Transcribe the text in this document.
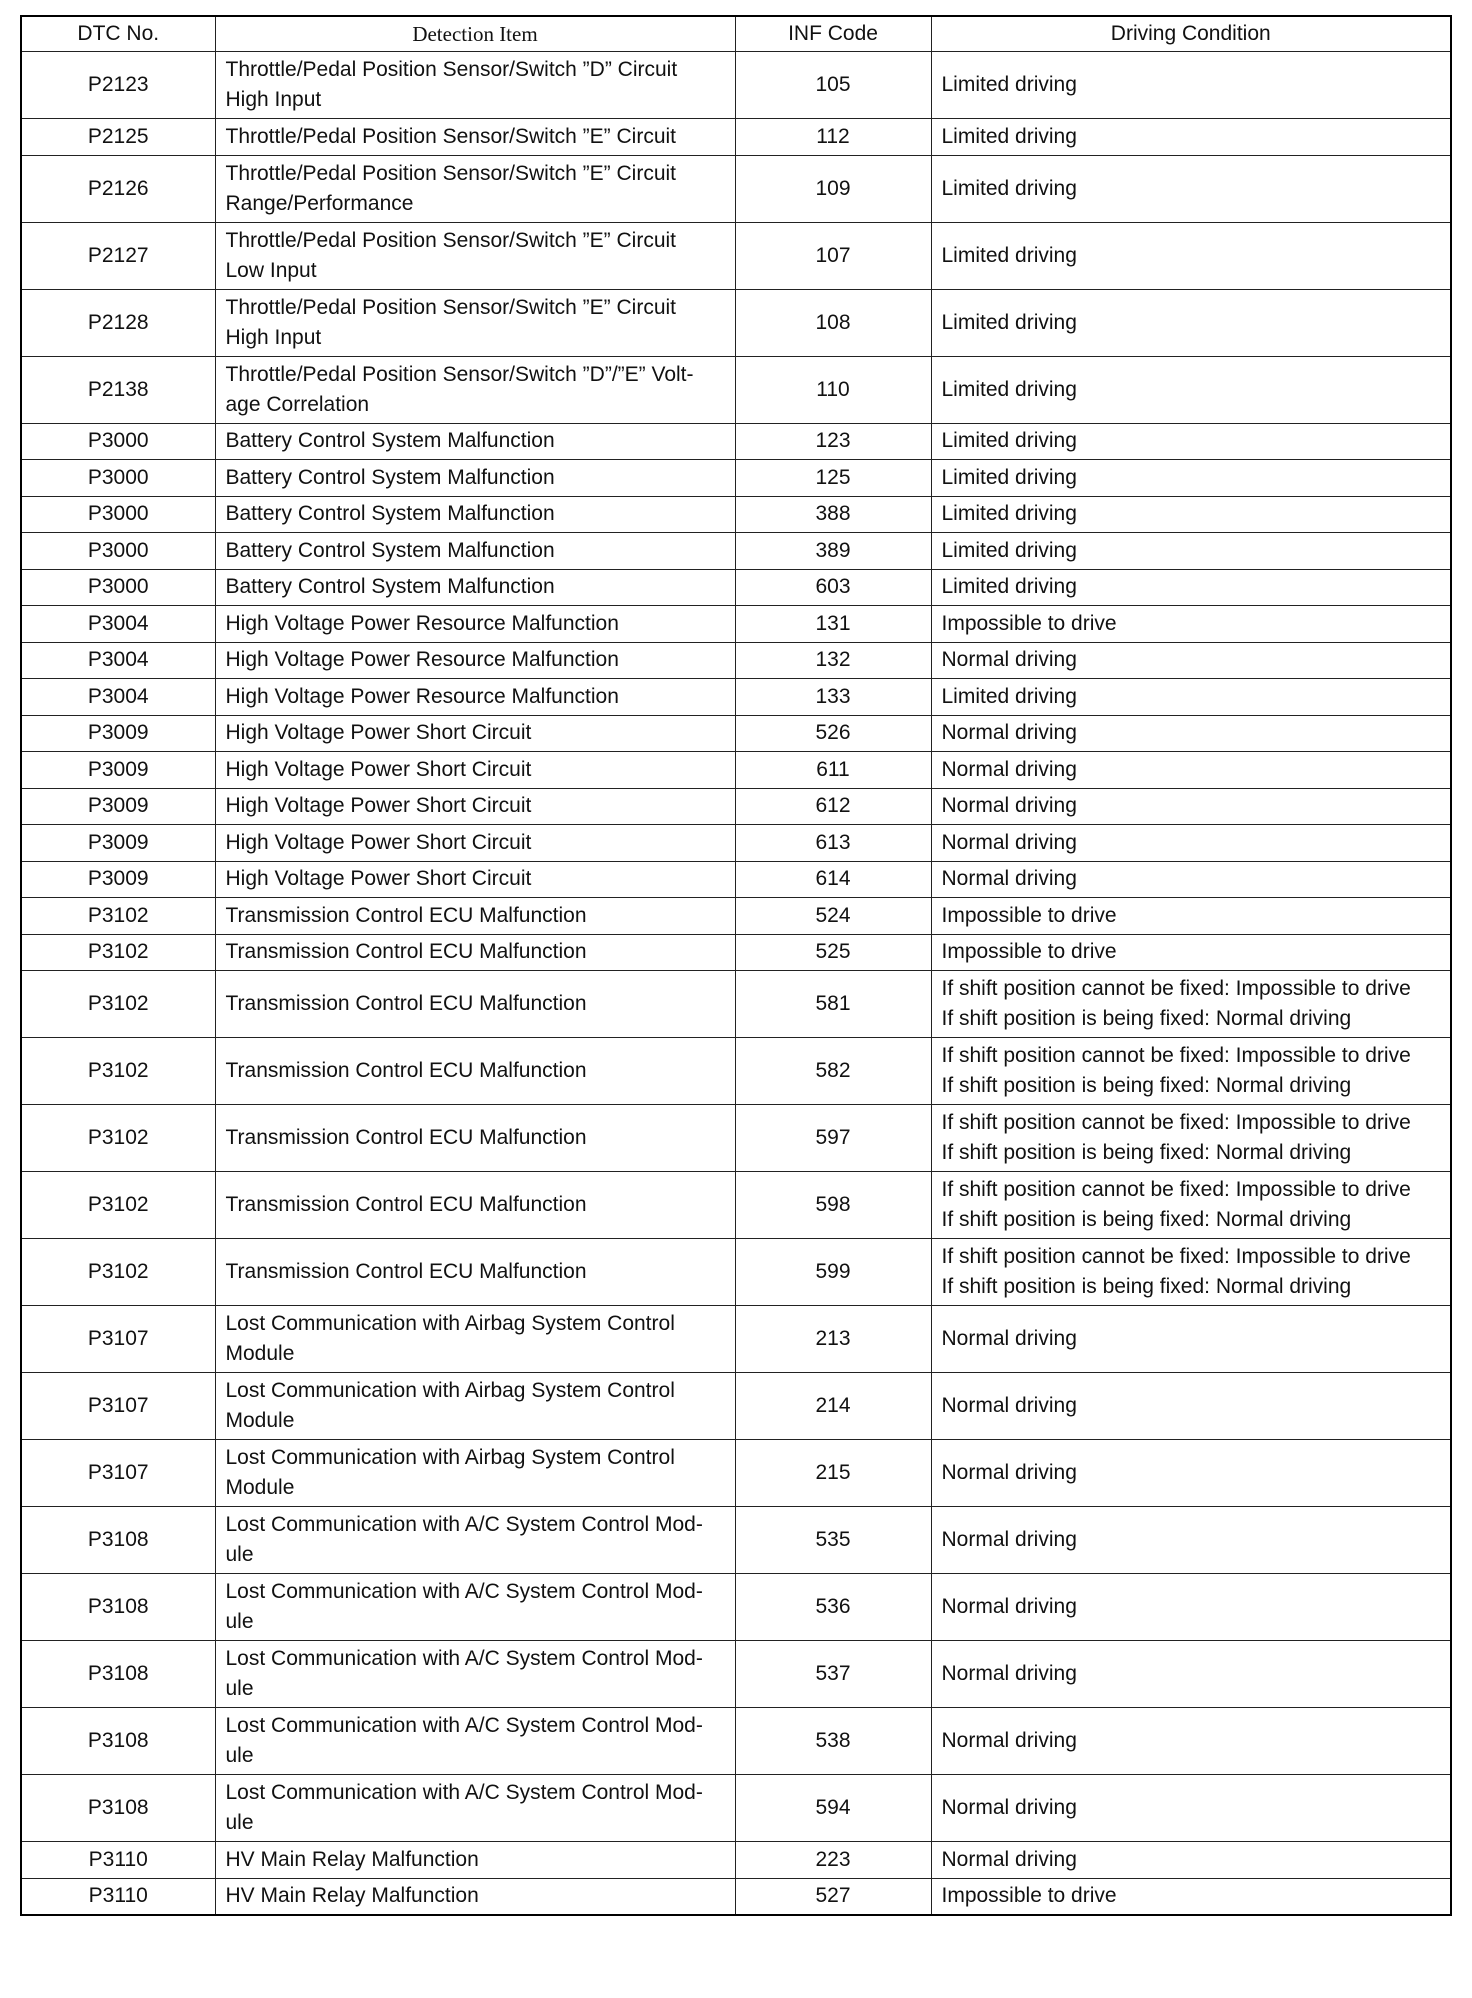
DTC No.	Detection Item	INF Code	Driving Condition
P2123	Throttle/Pedal Position Sensor/Switch ”D” Circuit
High Input	105	Limited driving

P2125	Throttle/Pedal Position Sensor/Switch ”E” Circuit	112	Limited driving

P2126	Throttle/Pedal Position Sensor/Switch ”E” Circuit
Range/Performance	109	Limited driving

P2127	Throttle/Pedal Position Sensor/Switch ”E” Circuit
Low Input	107	Limited driving

P2128	Throttle/Pedal Position Sensor/Switch ”E” Circuit
High Input	108	Limited driving

P2138	Throttle/Pedal Position Sensor/Switch ”D”/”E” Volt-
age Correlation	110	Limited driving

P3000	Battery Control System Malfunction	123	Limited driving

P3000	Battery Control System Malfunction	125	Limited driving

P3000	Battery Control System Malfunction	388	Limited driving

P3000	Battery Control System Malfunction	389	Limited driving

P3000	Battery Control System Malfunction	603	Limited driving

P3004	High Voltage Power Resource Malfunction	131	Impossible to drive

P3004	High Voltage Power Resource Malfunction	132	Normal driving

P3004	High Voltage Power Resource Malfunction	133	Limited driving

P3009	High Voltage Power Short Circuit	526	Normal driving

P3009	High Voltage Power Short Circuit	611	Normal driving

P3009	High Voltage Power Short Circuit	612	Normal driving

P3009	High Voltage Power Short Circuit	613	Normal driving

P3009	High Voltage Power Short Circuit	614	Normal driving

P3102	Transmission Control ECU Malfunction	524	Impossible to drive

P3102	Transmission Control ECU Malfunction	525	Impossible to drive

P3102	Transmission Control ECU Malfunction	581	If shift position cannot be fixed: Impossible to drive
If shift position is being fixed: Normal driving

P3102	Transmission Control ECU Malfunction	582	If shift position cannot be fixed: Impossible to drive
If shift position is being fixed: Normal driving

P3102	Transmission Control ECU Malfunction	597	If shift position cannot be fixed: Impossible to drive
If shift position is being fixed: Normal driving

P3102	Transmission Control ECU Malfunction	598	If shift position cannot be fixed: Impossible to drive
If shift position is being fixed: Normal driving

P3102	Transmission Control ECU Malfunction	599	If shift position cannot be fixed: Impossible to drive
If shift position is being fixed: Normal driving

P3107	Lost Communication with Airbag System Control
Module	213	Normal driving

P3107	Lost Communication with Airbag System Control
Module	214	Normal driving

P3107	Lost Communication with Airbag System Control
Module	215	Normal driving

P3108	Lost Communication with A/C System Control Mod-
ule	535	Normal driving

P3108	Lost Communication with A/C System Control Mod-
ule	536	Normal driving

P3108	Lost Communication with A/C System Control Mod-
ule	537	Normal driving

P3108	Lost Communication with A/C System Control Mod-
ule	538	Normal driving

P3108	Lost Communication with A/C System Control Mod-
ule	594	Normal driving

P3110	HV Main Relay Malfunction	223	Normal driving

P3110	HV Main Relay Malfunction	527	Impossible to drive
